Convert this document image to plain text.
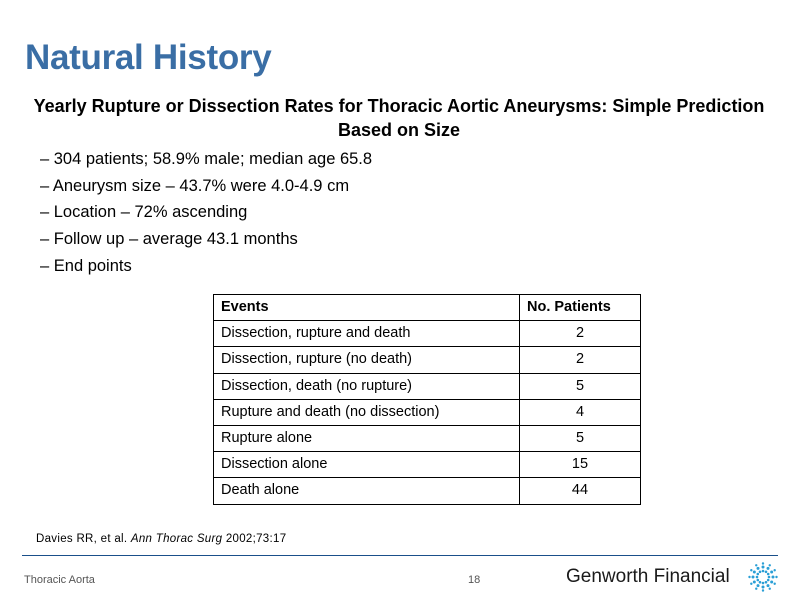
Natural History
Yearly Rupture or Dissection Rates for Thoracic Aortic Aneurysms: Simple Prediction Based on Size
– 304 patients; 58.9% male; median age 65.8
– Aneurysm size – 43.7% were 4.0-4.9 cm
– Location – 72% ascending
– Follow up – average 43.1 months
– End points
Events	No. Patients
Dissection, rupture and death	2
Dissection, rupture (no death)	2
Dissection, death (no rupture)	5
Rupture and death (no dissection)	4
Rupture alone	5
Dissection alone	15
Death alone	44
Davies RR, et al. Ann Thorac Surg 2002;73:17
Thoracic Aorta	18	Genworth Financial
